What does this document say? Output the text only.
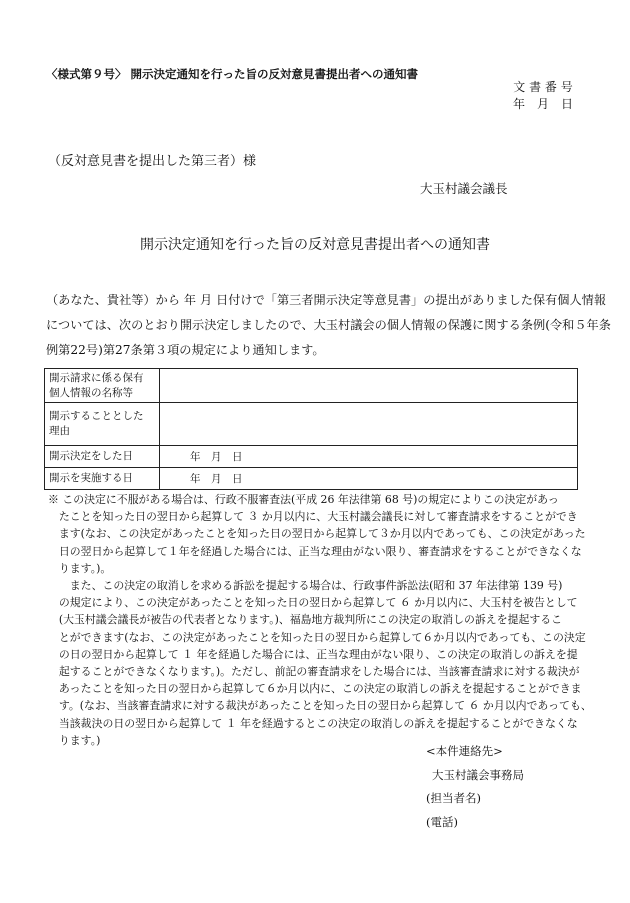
〈様式第９号〉 開示決定通知を行った旨の反対意見書提出者への通知書
文 書 番 号
年　月　日
（反対意見書を提出した第三者）様
大玉村議会議長
開示決定通知を行った旨の反対意見書提出者への通知書
（あなた、貴社等）から 年 月 日付けで「第三者開示決定等意見書」の提出がありました保有個人情報
については、次のとおり開示決定しましたので、大玉村議会の個人情報の保護に関する条例(令和５年条
例第22号)第27条第３項の規定により通知します。
開示請求に係る保有
個人情報の名称等	

開示することとした
理由	

開示決定をした日	年　月　日

開示を実施する日	年　月　日
※ この決定に不服がある場合は、行政不服審査法(平成 26 年法律第 68 号)の規定によりこの決定があっ
　たことを知った日の翌日から起算して ３ か月以内に、大玉村議会議長に対して審査請求をすることができ
　ます(なお、この決定があったことを知った日の翌日から起算して３か月以内であっても、この決定があった
　日の翌日から起算して１年を経過した場合には、正当な理由がない限り、審査請求をすることができなくな
　ります。)。
　　また、この決定の取消しを求める訴訟を提起する場合は、行政事件訴訟法(昭和 37 年法律第 139 号)
　の規定により、この決定があったことを知った日の翌日から起算して ６ か月以内に、大玉村を被告として
　(大玉村議会議長が被告の代表者となります。)、福島地方裁判所にこの決定の取消しの訴えを提起するこ
　とができます(なお、この決定があったことを知った日の翌日から起算して６か月以内であっても、この決定
　の日の翌日から起算して １ 年を経過した場合には、正当な理由がない限り、この決定の取消しの訴えを提
　起することができなくなります。)。ただし、前記の審査請求をした場合には、当該審査請求に対する裁決が
　あったことを知った日の翌日から起算して６か月以内に、この決定の取消しの訴えを提起することができま
　す。(なお、当該審査請求に対する裁決があったことを知った日の翌日から起算して ６ か月以内であっても、
　当該裁決の日の翌日から起算して １ 年を経過するとこの決定の取消しの訴えを提起することができなくな
　ります。)
<本件連絡先>
大玉村議会事務局
(担当者名)
(電話)
